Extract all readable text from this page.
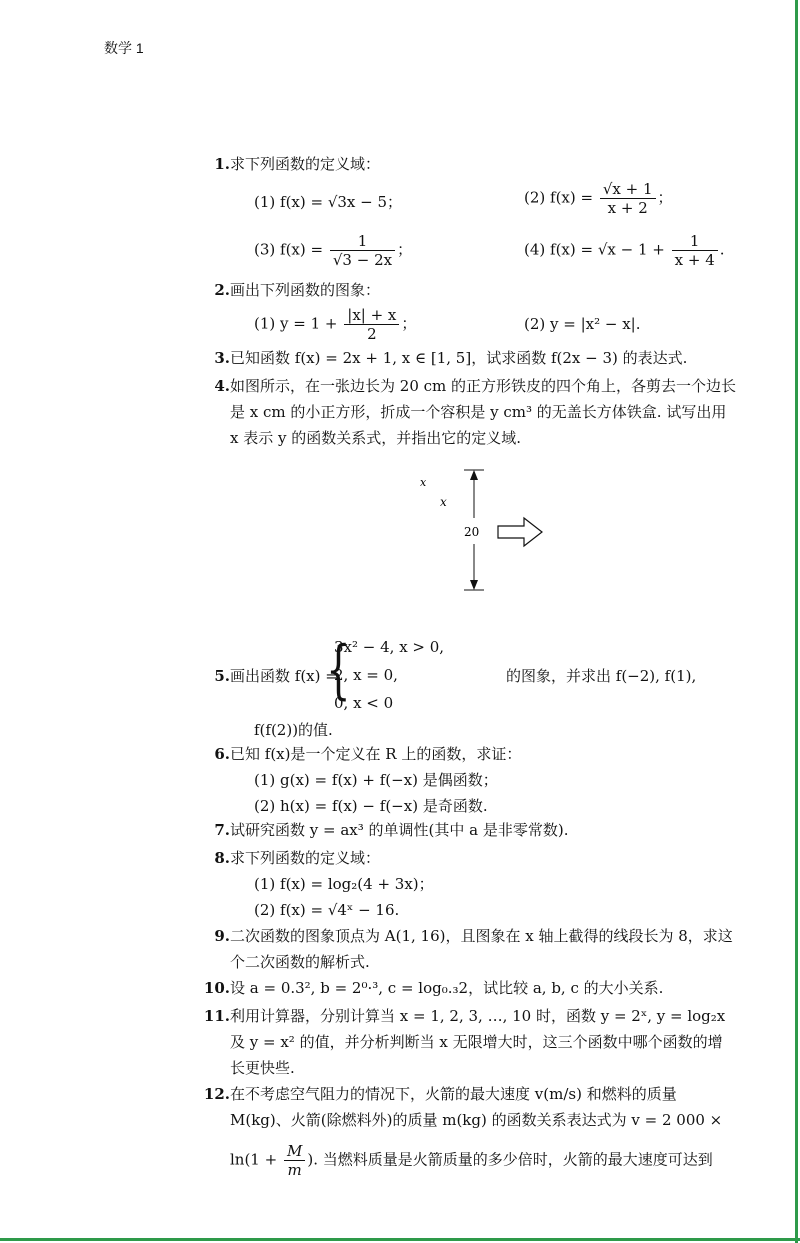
数学 1
1.
2.
3.
4.
5.
6.
7.
8.
9.
10.
11.
12.
求下列函数的定义域：
(1) f(x) = √3x − 5；	(2) $f(x) = \frac{√x + 1}{x + 2}$ ；
(3) $f(x) = \frac{1}{√3 - 2x}$ ；	(4) $f(x) = √x - 1 + \frac{1}{x + 4}$ .
画出下列函数的图象：
(1) $y = 1 + \frac{|x| + x}{2}$ ；	(2) y = |x² − x|.
已知函数 f(x) = 2x + 1, x ∈ [1, 5]，试求函数 f(2x − 3) 的表达式.
如图所示，在一张边长为 20 cm 的正方形铁皮的四个角上，各剪去一个边长
是 x cm 的小正方形，折成一个容积是 y cm³ 的无盖长方体铁盒. 试写出用
x 表示 y 的函数关系式，并指出它的定义域.
x
x
20
画出函数 f(x) =
{
3x² − 4, x > 0,
2, x = 0,
0, x < 0
的图象，并求出 f(−2), f(1),
f(f(2))的值.
已知 f(x)是一个定义在 R 上的函数，求证：
(1) g(x) = f(x) + f(−x) 是偶函数；
(2) h(x) = f(x) − f(−x) 是奇函数.
试研究函数 y = ax³ 的单调性(其中 a 是非零常数).
求下列函数的定义域：
(1) f(x) = log₂(4 + 3x)；
(2) f(x) = √4ˣ − 16.
二次函数的图象顶点为 A(1, 16)，且图象在 x 轴上截得的线段长为 8，求这
个二次函数的解析式.
设 a = 0.3², b = 2⁰·³, c = log₀.₃2，试比较 a, b, c 的大小关系.
利用计算器，分别计算当 x = 1, 2, 3, …, 10 时，函数 y = 2ˣ, y = log₂x
及 y = x² 的值，并分析判断当 x 无限增大时，这三个函数中哪个函数的增
长更快些.
在不考虑空气阻力的情况下，火箭的最大速度 v(m/s) 和燃料的质量
M(kg)、火箭(除燃料外)的质量 m(kg) 的函数关系表达式为 v = 2 000 ×
$\ln(1 + \frac{M}{m}$ ). 当燃料质量是火箭质量的多少倍时，火箭的最大速度可达到
